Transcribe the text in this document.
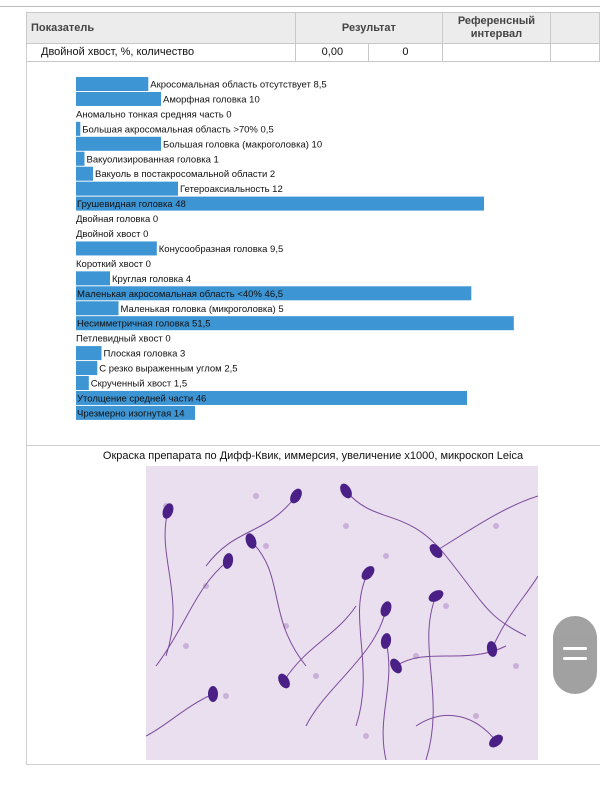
Показатель	Результат		Референсный интервал	
Двойной хвост, %, количество	0,00	0		
Акросомальная область отсутствует 8,5
Аморфная головка 10
Аномально тонкая средняя часть 0
Большая акросомальная область >70% 0,5
Большая головка (макроголовка) 10
Вакуолизированная головка 1
Вакуоль в постакросомальной области 2
Гетероаксиальность 12
Грушевидная головка 48
Двойная головка 0
Двойной хвост 0
Конусообразная головка 9,5
Короткий хвост 0
Круглая головка 4
Маленькая акросомальная область <40% 46,5
Маленькая головка (микроголовка) 5
Несимметричная головка 51,5
Петлевидный хвост 0
Плоская головка 3
С резко выраженным углом 2,5
Скрученный хвост 1,5
Утолщение средней части 46
Чрезмерно изогнутая 14
Окраска препарата по Дифф-Квик, иммерсия, увеличение x1000, микроскоп Leica
